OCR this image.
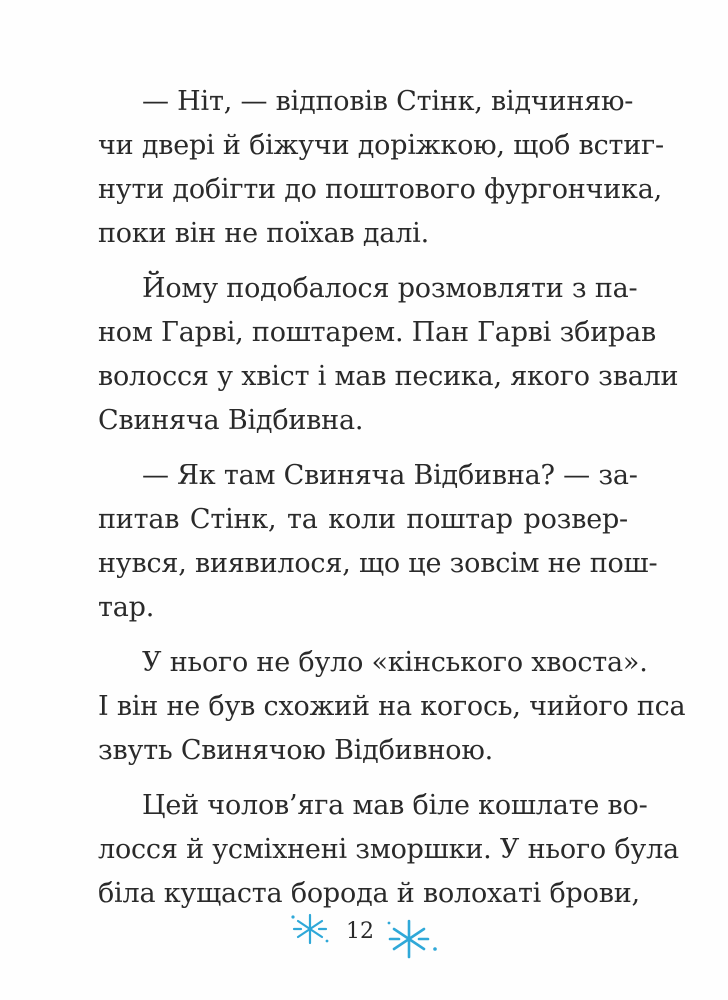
— Ніт, — відповів Стінк, відчиняю-
чи двері й біжучи доріжкою, щоб встиг-
нути добігти до поштового фургончика,
поки він не поїхав далі.
Йому подобалося розмовляти з па-
ном Гарві, поштарем. Пан Гарві збирав
волосся у хвіст і мав песика, якого звали
Свиняча Відбивна.
— Як там Свиняча Відбивна? — за-
питав Стінк, та коли поштар розвер-
нувся, виявилося, що це зовсім не пош-
тар.
У нього не було «кінського хвоста».
І він не був схожий на когось, чийого пса
звуть Свинячою Відбивною.
Цей чолов’яга мав біле кошлате во-
лосся й усміхнені зморшки. У нього була
біла кущаста борода й волохаті брови,
12
